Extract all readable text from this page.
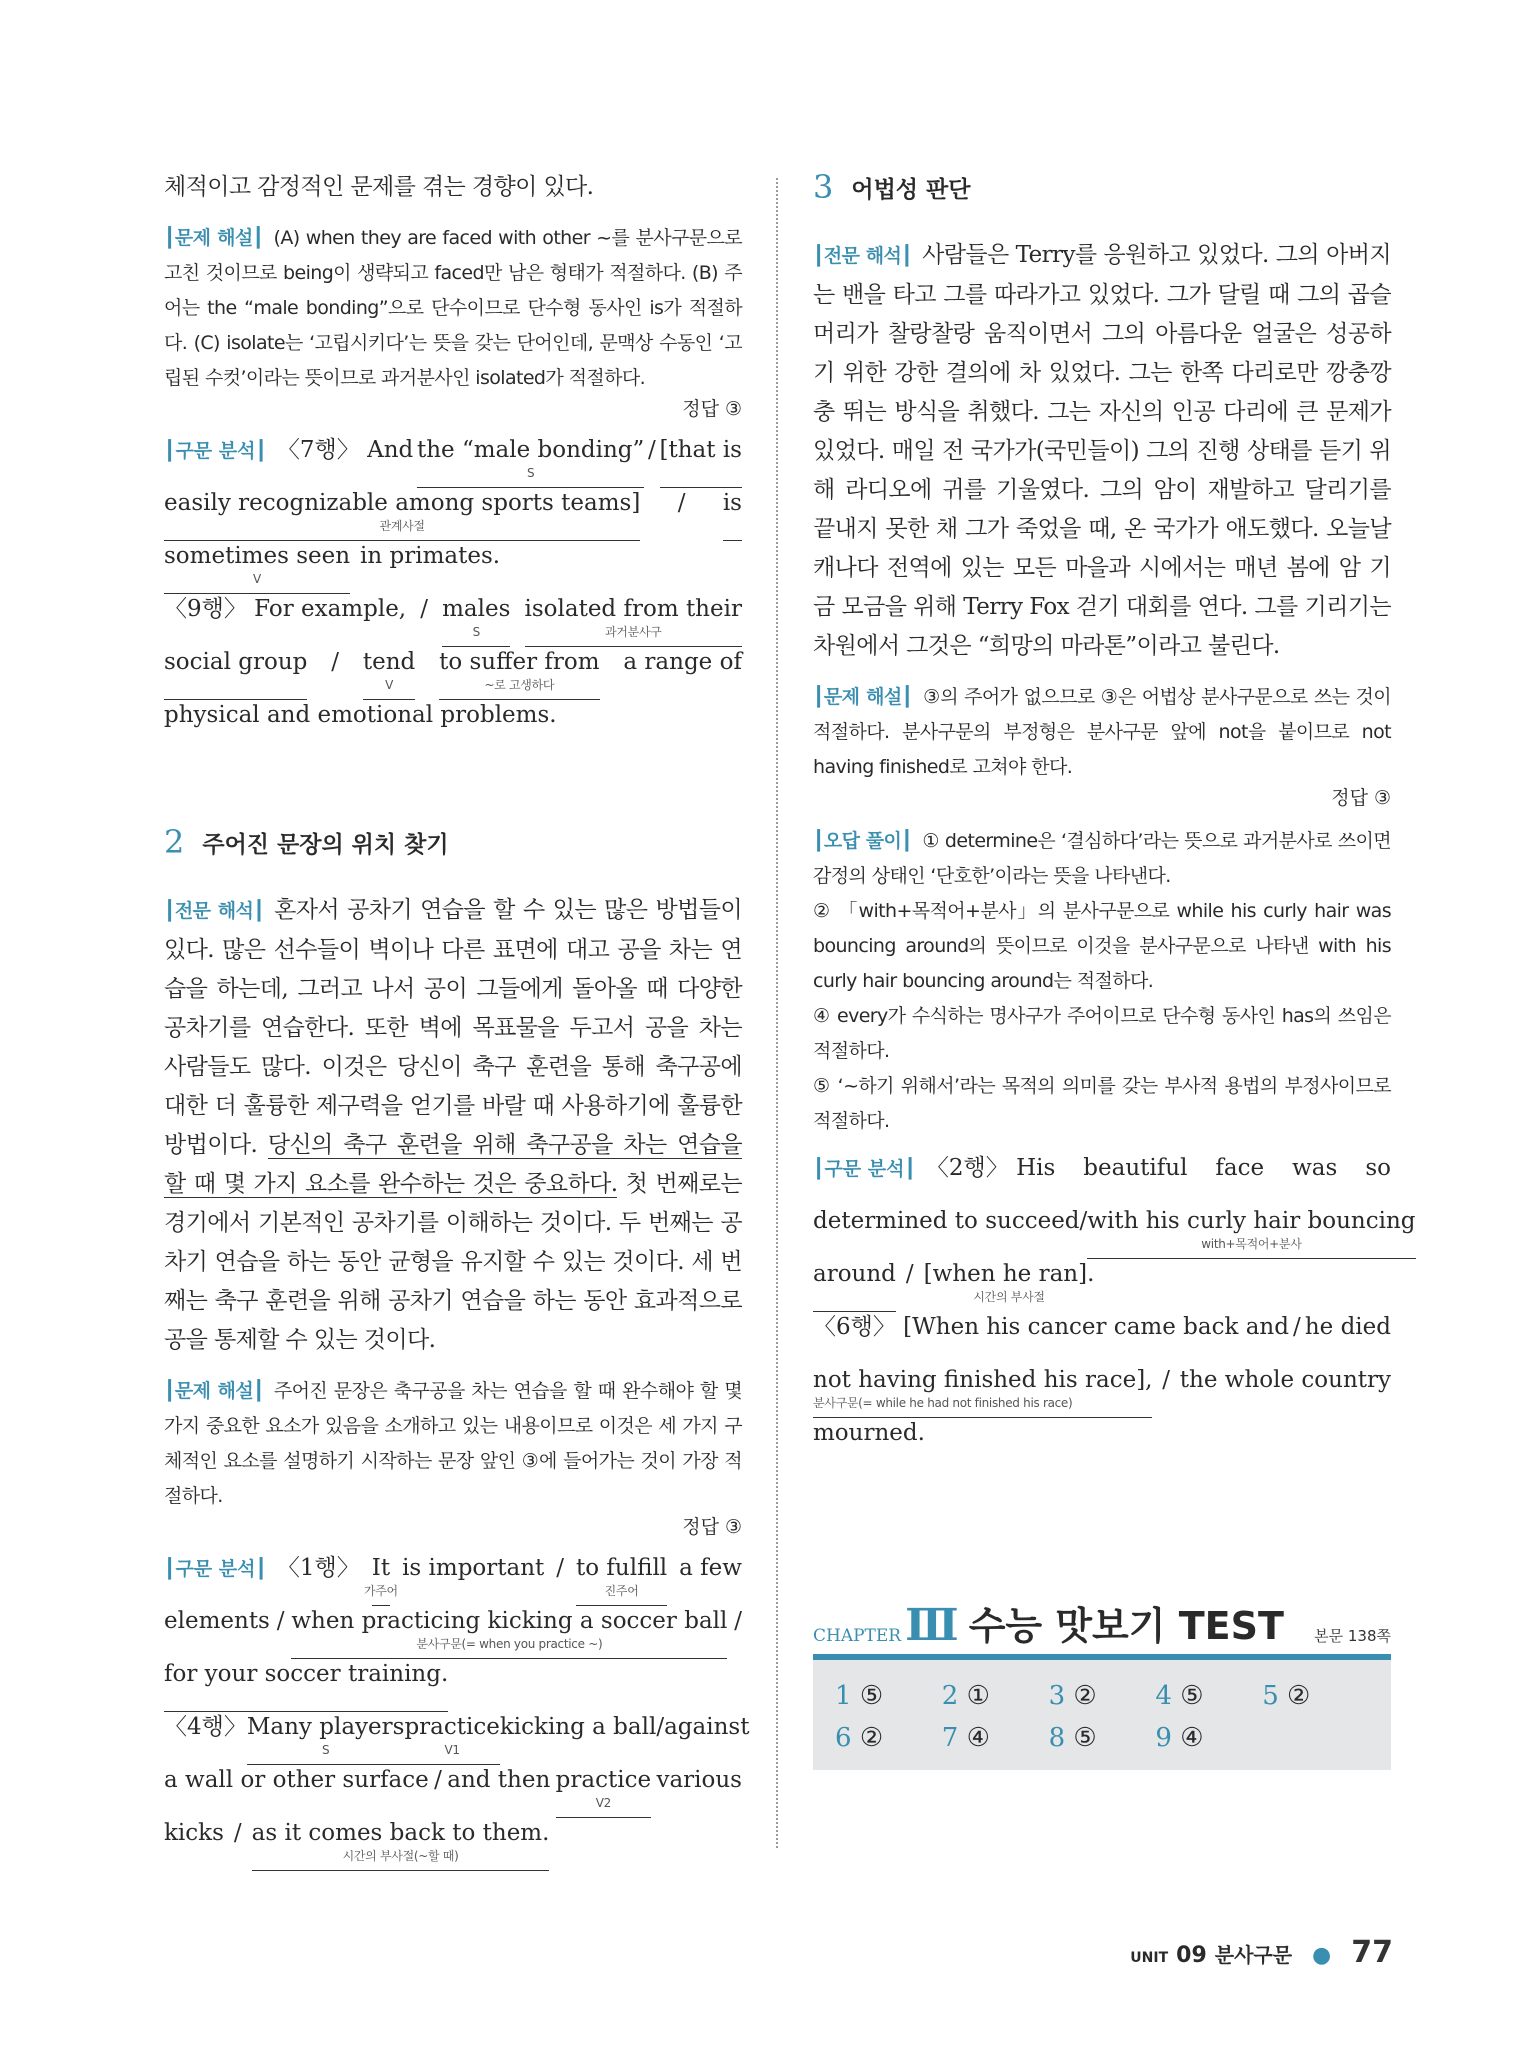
체적이고 감정적인 문제를 겪는 경향이 있다.

┃문제 해설┃ (A) when they are faced with other ~를 분사구문으로 고친 것이므로 being이 생략되고 faced만 남은 형태가 적절하다. (B) 주어는 the “male bonding”으로 단수이므로 단수형 동사인 is가 적절하다. (C) isolate는 ‘고립시키다’는 뜻을 갖는 단어인데, 문맥상 수동인 ‘고립된 수컷’이라는 뜻이므로 과거분사인 isolated가 적절하다.

정답 ③
┃구문 분석┃ 〈7행〉 And the “male bonding”
S
/ [that is
easily recognizable among sports teams]
관계사절
/ is
sometimes seen
V
in primates.
〈9행〉 For example, / males
S
isolated from their
과거분사구
social group / tend
V
to suffer from
~로 고생하다
a range of
physical and emotional problems.
2 주어진 문장의 위치 찾기

┃전문 해석┃ 혼자서 공차기 연습을 할 수 있는 많은 방법들이 있다. 많은 선수들이 벽이나 다른 표면에 대고 공을 차는 연습을 하는데, 그러고 나서 공이 그들에게 돌아올 때 다양한 공차기를 연습한다. 또한 벽에 목표물을 두고서 공을 차는 사람들도 많다. 이것은 당신이 축구 훈련을 통해 축구공에 대한 더 훌륭한 제구력을 얻기를 바랄 때 사용하기에 훌륭한 방법이다. 당신의 축구 훈련을 위해 축구공을 차는 연습을 할 때 몇 가지 요소를 완수하는 것은 중요하다. 첫 번째로는 경기에서 기본적인 공차기를 이해하는 것이다. 두 번째는 공차기 연습을 하는 동안 균형을 유지할 수 있는 것이다. 세 번째는 축구 훈련을 위해 공차기 연습을 하는 동안 효과적으로 공을 통제할 수 있는 것이다.

┃문제 해설┃ 주어진 문장은 축구공을 차는 연습을 할 때 완수해야 할 몇 가지 중요한 요소가 있음을 소개하고 있는 내용이므로 이것은 세 가지 구체적인 요소를 설명하기 시작하는 문장 앞인 ③에 들어가는 것이 가장 적절하다.

정답 ③
┃구문 분석┃ 〈1행〉 It
가주어
is important / to fulfill
진주어
a few
elements / when practicing kicking a soccer ball
분사구문(= when you practice ~)
/
for your soccer training.
〈4행〉 Many players
S
practice
V1
kicking a ball / against
a wall or other surface / and then practice
V2
various
kicks / as it comes back to them.
시간의 부사절(~할 때)
3 어법성 판단

┃전문 해석┃ 사람들은 Terry를 응원하고 있었다. 그의 아버지는 밴을 타고 그를 따라가고 있었다. 그가 달릴 때 그의 곱슬머리가 찰랑찰랑 움직이면서 그의 아름다운 얼굴은 성공하기 위한 강한 결의에 차 있었다. 그는 한쪽 다리로만 깡충깡충 뛰는 방식을 취했다. 그는 자신의 인공 다리에 큰 문제가 있었다. 매일 전 국가가(국민들이) 그의 진행 상태를 듣기 위해 라디오에 귀를 기울였다. 그의 암이 재발하고 달리기를 끝내지 못한 채 그가 죽었을 때, 온 국가가 애도했다. 오늘날 캐나다 전역에 있는 모든 마을과 시에서는 매년 봄에 암 기금 모금을 위해 Terry Fox 걷기 대회를 연다. 그를 기리기는 차원에서 그것은 “희망의 마라톤”이라고 불린다.

┃문제 해설┃ ③의 주어가 없으므로 ③은 어법상 분사구문으로 쓰는 것이 적절하다. 분사구문의 부정형은 분사구문 앞에 not을 붙이므로 not having finished로 고쳐야 한다.

정답 ③

┃오답 풀이┃ ① determine은 ‘결심하다’라는 뜻으로 과거분사로 쓰이면 감정의 상태인 ‘단호한’이라는 뜻을 나타낸다.

② 「with+목적어+분사」의 분사구문으로 while his curly hair was bouncing around의 뜻이므로 이것을 분사구문으로 나타낸 with his curly hair bouncing around는 적절하다.

④ every가 수식하는 명사구가 주어이므로 단수형 동사인 has의 쓰임은 적절하다.

⑤ ‘~하기 위해서’라는 목적의 의미를 갖는 부사적 용법의 부정사이므로 적절하다.

┃구문 분석┃ 〈2행〉 His beautiful face was so
determined to succeed / with his curly hair bouncing
with+목적어+분사
around / [when he ran].
시간의 부사절
〈6행〉 [When his cancer came back and / he died
not having finished his race],
분사구문(= while he had not finished his race)
/ the whole country
mourned.
CHAPTER Ⅲ 수능 맛보기 TEST 본문 138쪽
1 ⑤	2 ①	3 ②	4 ⑤	5 ②
6 ②	7 ④	8 ⑤	9 ④
UNIT 09 분사구문 ● 77
